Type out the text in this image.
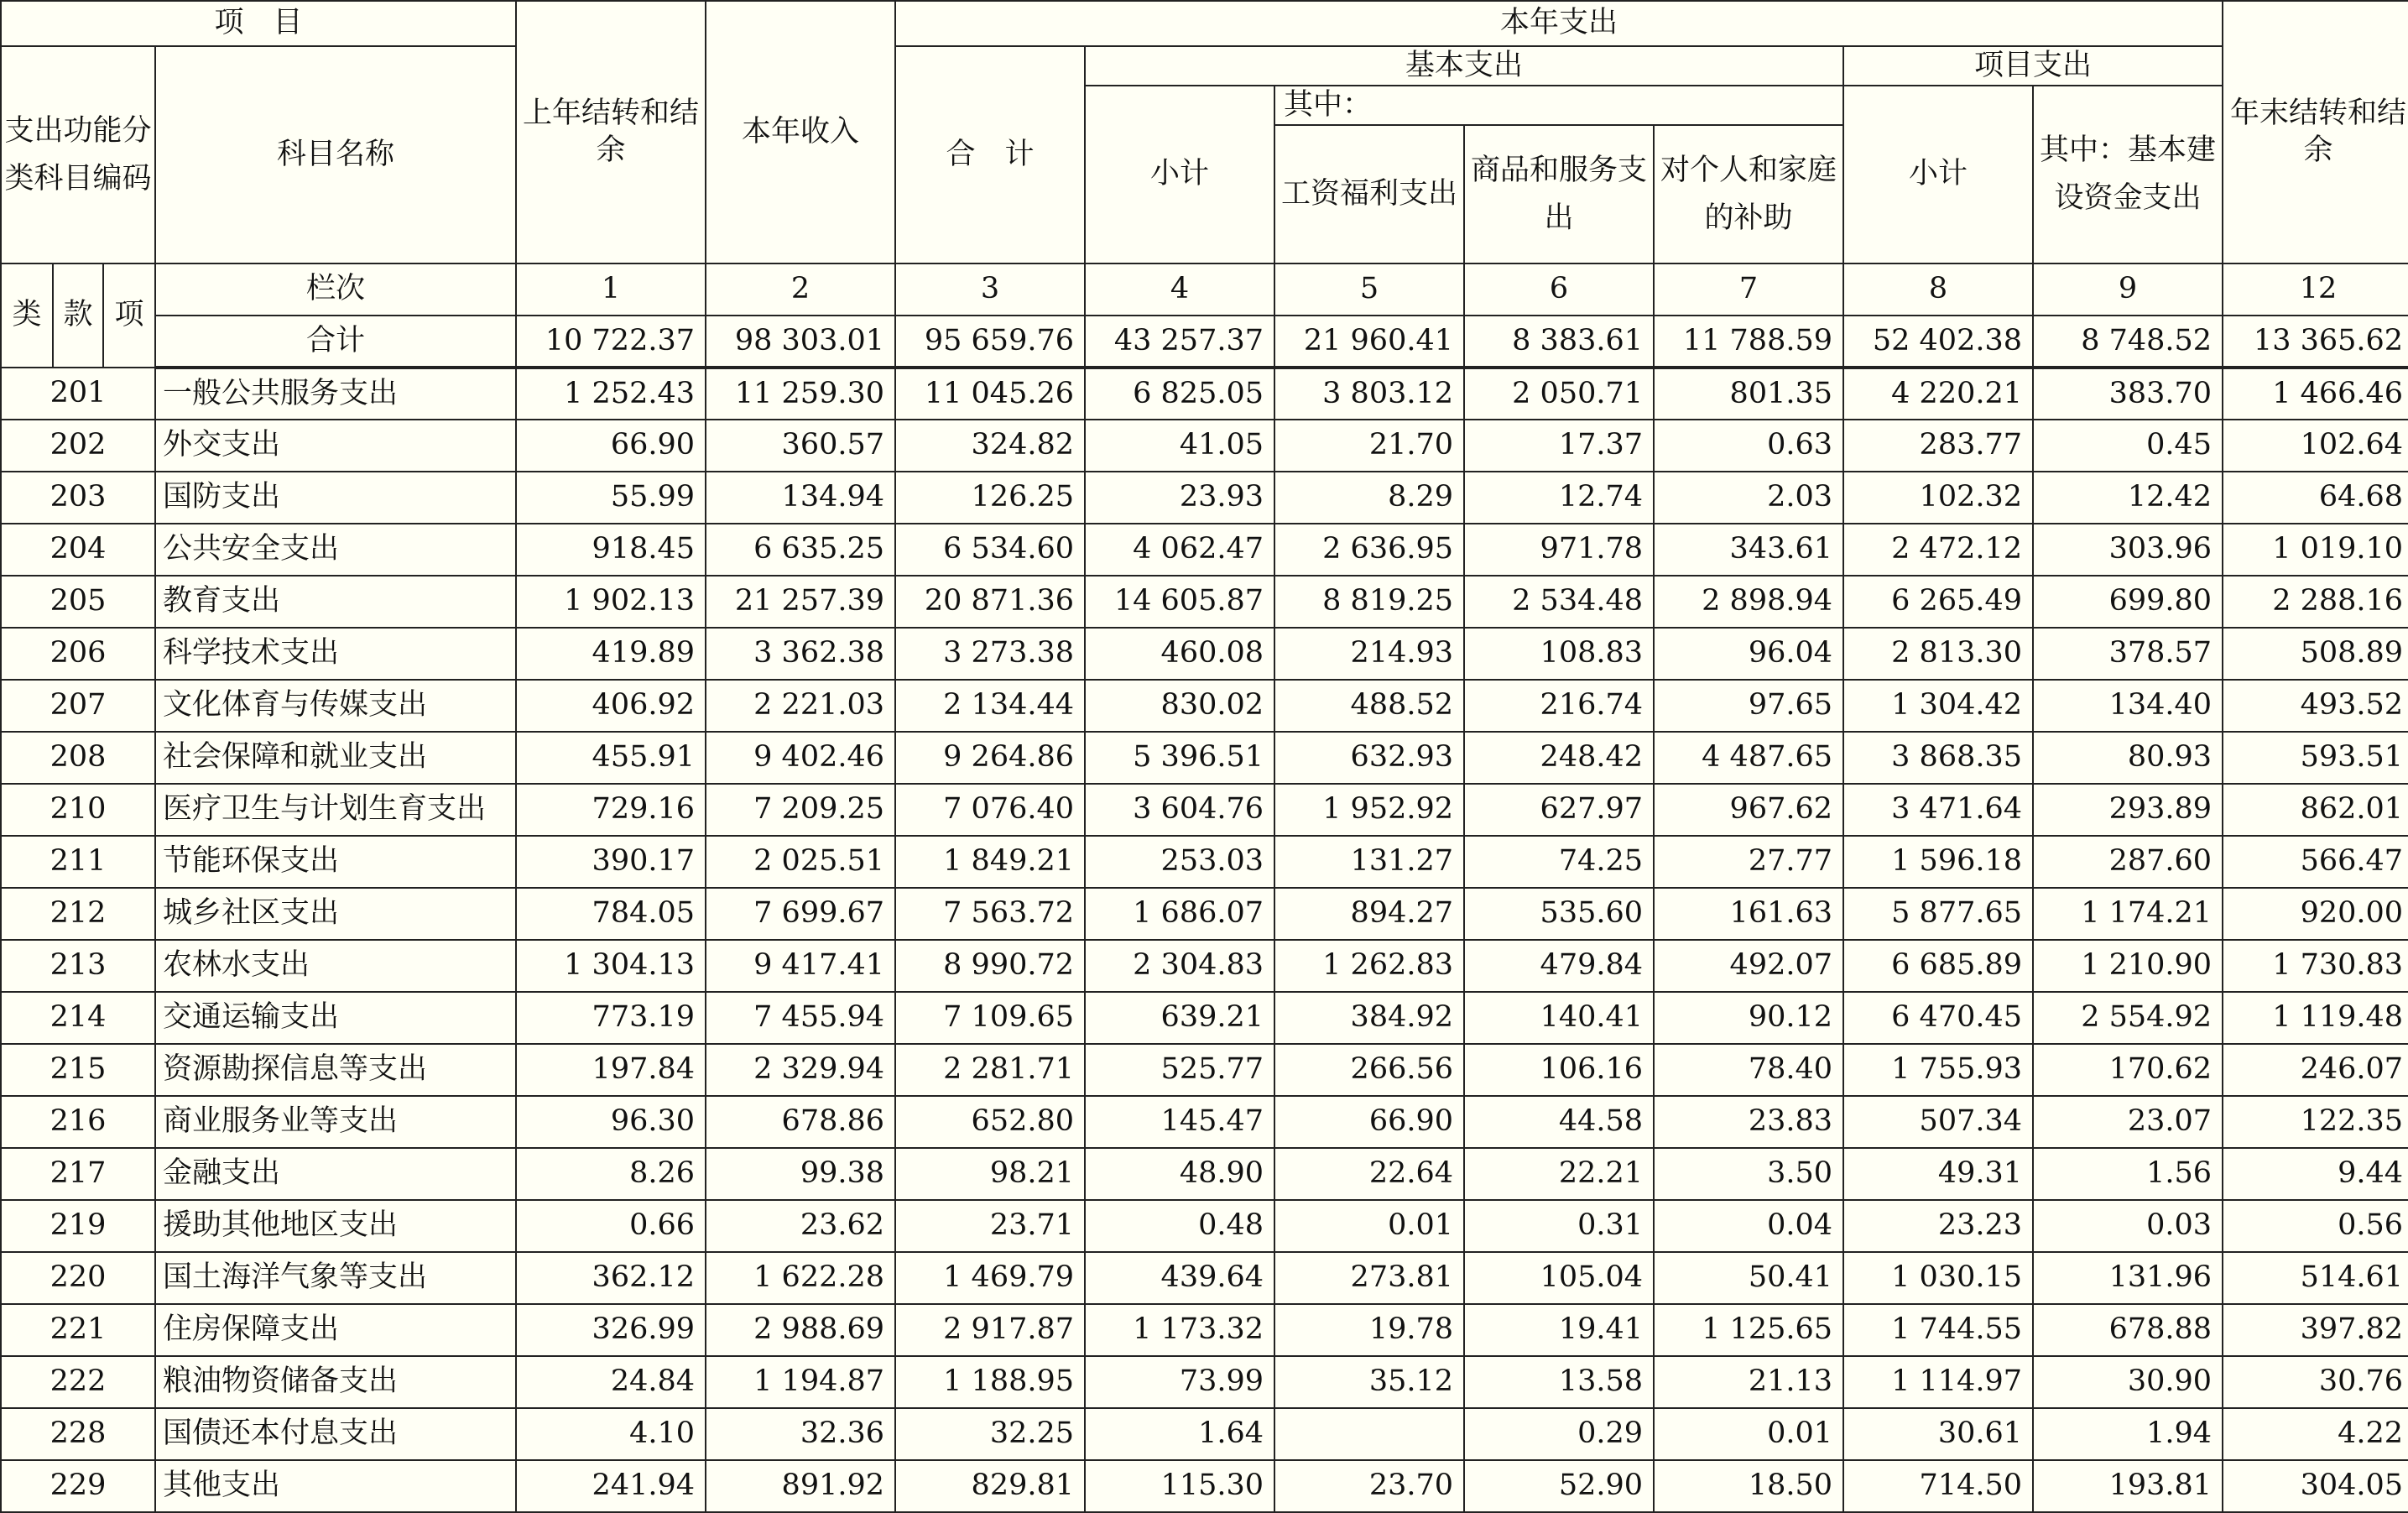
项　目				上年结转和结余	本年收入	本年支出							年末结转和结余
支出功能分类科目编码			科目名称			合　计	基本支出				项目支出		
							小计	其中：			小计	其中：基本建设资金支出	
								工资福利支出	商品和服务支出	对个人和家庭的补助			
类	款	项	栏次	1	2	3	4	5	6	7	8	9	12
			合计	10 722.37	98 303.01	95 659.76	43 257.37	21 960.41	8 383.61	11 788.59	52 402.38	8 748.52	13 365.62
201			一般公共服务支出	1 252.43	11 259.30	11 045.26	6 825.05	3 803.12	2 050.71	801.35	4 220.21	383.70	1 466.46
202			外交支出	66.90	360.57	324.82	41.05	21.70	17.37	0.63	283.77	0.45	102.64
203			国防支出	55.99	134.94	126.25	23.93	8.29	12.74	2.03	102.32	12.42	64.68
204			公共安全支出	918.45	6 635.25	6 534.60	4 062.47	2 636.95	971.78	343.61	2 472.12	303.96	1 019.10
205			教育支出	1 902.13	21 257.39	20 871.36	14 605.87	8 819.25	2 534.48	2 898.94	6 265.49	699.80	2 288.16
206			科学技术支出	419.89	3 362.38	3 273.38	460.08	214.93	108.83	96.04	2 813.30	378.57	508.89
207			文化体育与传媒支出	406.92	2 221.03	2 134.44	830.02	488.52	216.74	97.65	1 304.42	134.40	493.52
208			社会保障和就业支出	455.91	9 402.46	9 264.86	5 396.51	632.93	248.42	4 487.65	3 868.35	80.93	593.51
210			医疗卫生与计划生育支出	729.16	7 209.25	7 076.40	3 604.76	1 952.92	627.97	967.62	3 471.64	293.89	862.01
211			节能环保支出	390.17	2 025.51	1 849.21	253.03	131.27	74.25	27.77	1 596.18	287.60	566.47
212			城乡社区支出	784.05	7 699.67	7 563.72	1 686.07	894.27	535.60	161.63	5 877.65	1 174.21	920.00
213			农林水支出	1 304.13	9 417.41	8 990.72	2 304.83	1 262.83	479.84	492.07	6 685.89	1 210.90	1 730.83
214			交通运输支出	773.19	7 455.94	7 109.65	639.21	384.92	140.41	90.12	6 470.45	2 554.92	1 119.48
215			资源勘探信息等支出	197.84	2 329.94	2 281.71	525.77	266.56	106.16	78.40	1 755.93	170.62	246.07
216			商业服务业等支出	96.30	678.86	652.80	145.47	66.90	44.58	23.83	507.34	23.07	122.35
217			金融支出	8.26	99.38	98.21	48.90	22.64	22.21	3.50	49.31	1.56	9.44
219			援助其他地区支出	0.66	23.62	23.71	0.48	0.01	0.31	0.04	23.23	0.03	0.56
220			国土海洋气象等支出	362.12	1 622.28	1 469.79	439.64	273.81	105.04	50.41	1 030.15	131.96	514.61
221			住房保障支出	326.99	2 988.69	2 917.87	1 173.32	19.78	19.41	1 125.65	1 744.55	678.88	397.82
222			粮油物资储备支出	24.84	1 194.87	1 188.95	73.99	35.12	13.58	21.13	1 114.97	30.90	30.76
228			国债还本付息支出	4.10	32.36	32.25	1.64		0.29	0.01	30.61	1.94	4.22
229			其他支出	241.94	891.92	829.81	115.30	23.70	52.90	18.50	714.50	193.81	304.05
